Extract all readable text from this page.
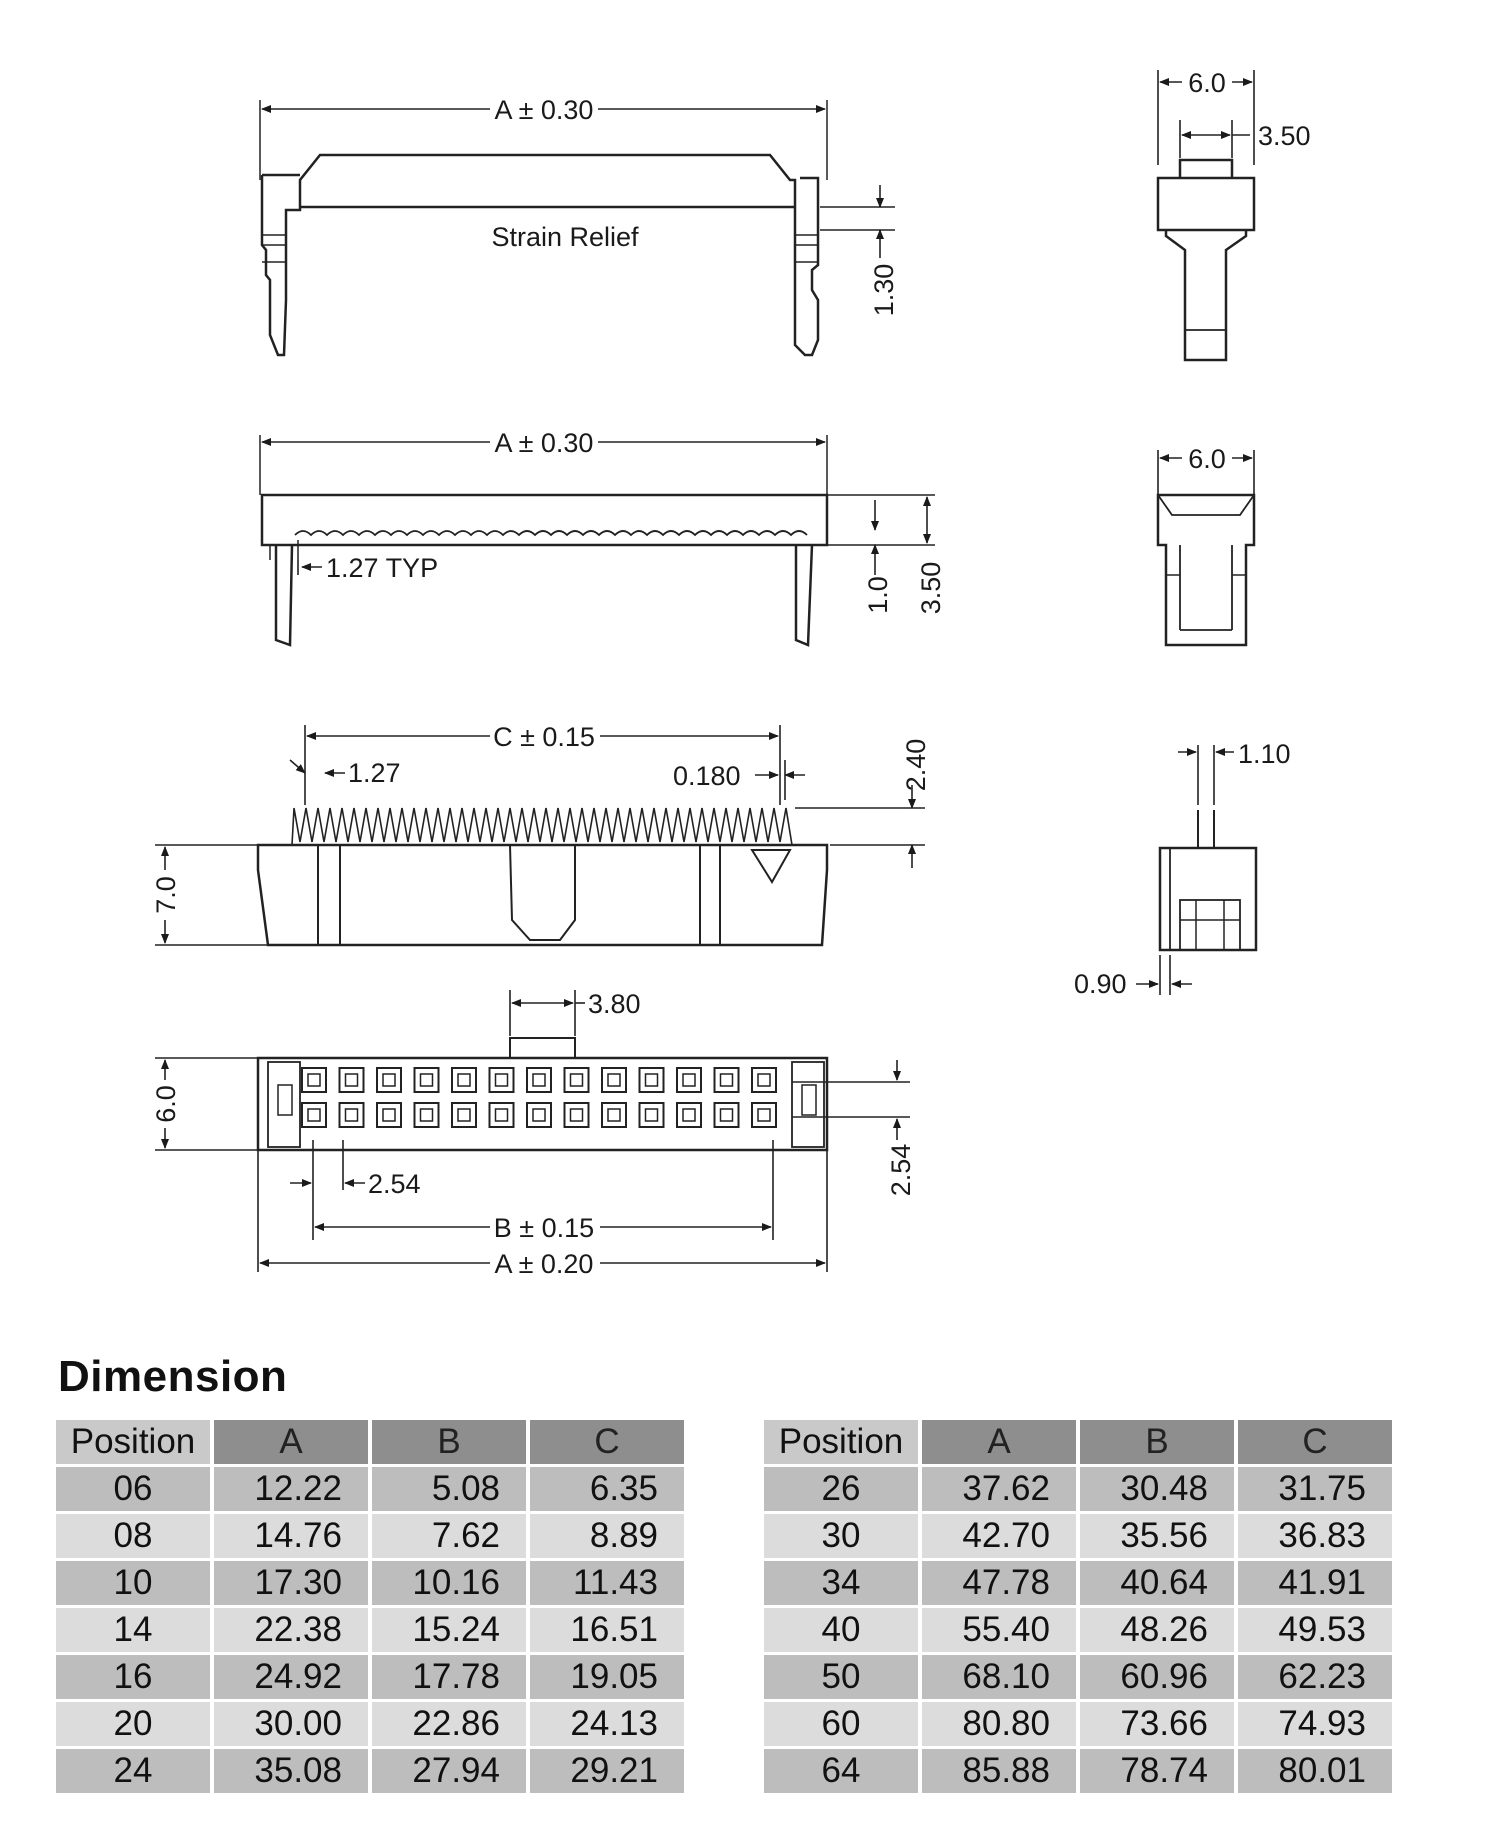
A ± 0.30
Strain Relief
1.30
6.0
3.50
A ± 0.30
1.27 TYP
1.0 3.50
6.0
C ± 0.15
1.27	0.180	2.40
7.0
1.10
0.90
3.80
6.0
2.54
2.54
B ± 0.15
A ± 0.20
Dimension
Position	A	B	C
06	12.22	5.08	6.35
08	14.76	7.62	8.89
10	17.30	10.16	11.43
14	22.38	15.24	16.51
16	24.92	17.78	19.05
20	30.00	22.86	24.13
24	35.08	27.94	29.21
Position	A	B	C
26	37.62	30.48	31.75
30	42.70	35.56	36.83
34	47.78	40.64	41.91
40	55.40	48.26	49.53
50	68.10	60.96	62.23
60	80.80	73.66	74.93
64	85.88	78.74	80.01
